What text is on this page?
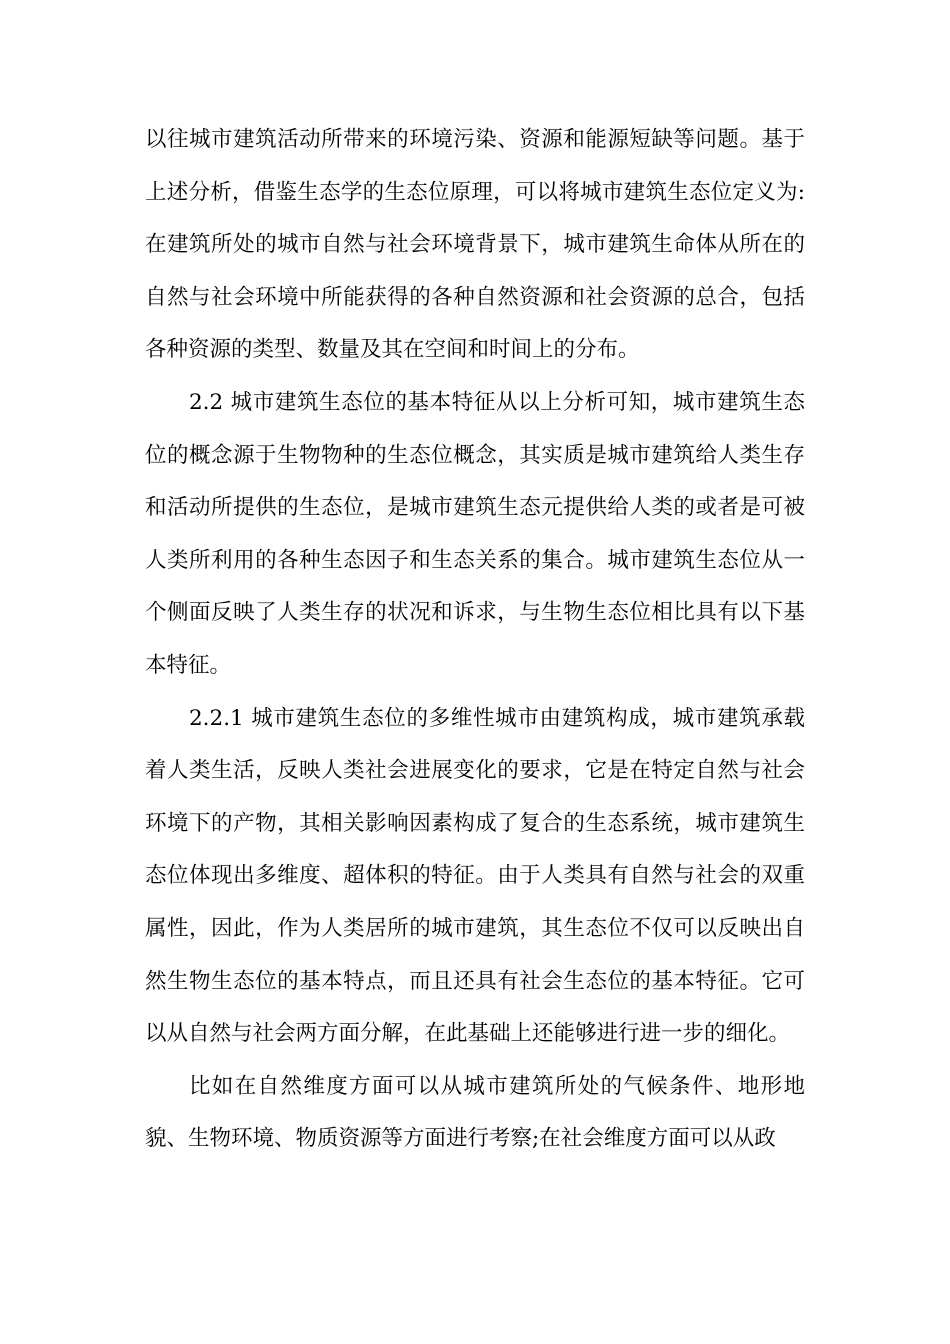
以往城市建筑活动所带来的环境污染、资源和能源短缺等问题。基于上述分析，借鉴生态学的生态位原理，可以将城市建筑生态位定义为:在建筑所处的城市自然与社会环境背景下，城市建筑生命体从所在的自然与社会环境中所能获得的各种自然资源和社会资源的总合，包括各种资源的类型、数量及其在空间和时间上的分布。

2.2 城市建筑生态位的基本特征从以上分析可知，城市建筑生态位的概念源于生物物种的生态位概念，其实质是城市建筑给人类生存和活动所提供的生态位，是城市建筑生态元提供给人类的或者是可被人类所利用的各种生态因子和生态关系的集合。城市建筑生态位从一个侧面反映了人类生存的状况和诉求，与生物生态位相比具有以下基本特征。

2.2.1 城市建筑生态位的多维性城市由建筑构成，城市建筑承载着人类生活，反映人类社会进展变化的要求，它是在特定自然与社会环境下的产物，其相关影响因素构成了复合的生态系统，城市建筑生态位体现出多维度、超体积的特征。由于人类具有自然与社会的双重属性，因此，作为人类居所的城市建筑，其生态位不仅可以反映出自然生物生态位的基本特点，而且还具有社会生态位的基本特征。它可以从自然与社会两方面分解，在此基础上还能够进行进一步的细化。

比如在自然维度方面可以从城市建筑所处的气候条件、地形地貌、生物环境、物质资源等方面进行考察;在社会维度方面可以从政
